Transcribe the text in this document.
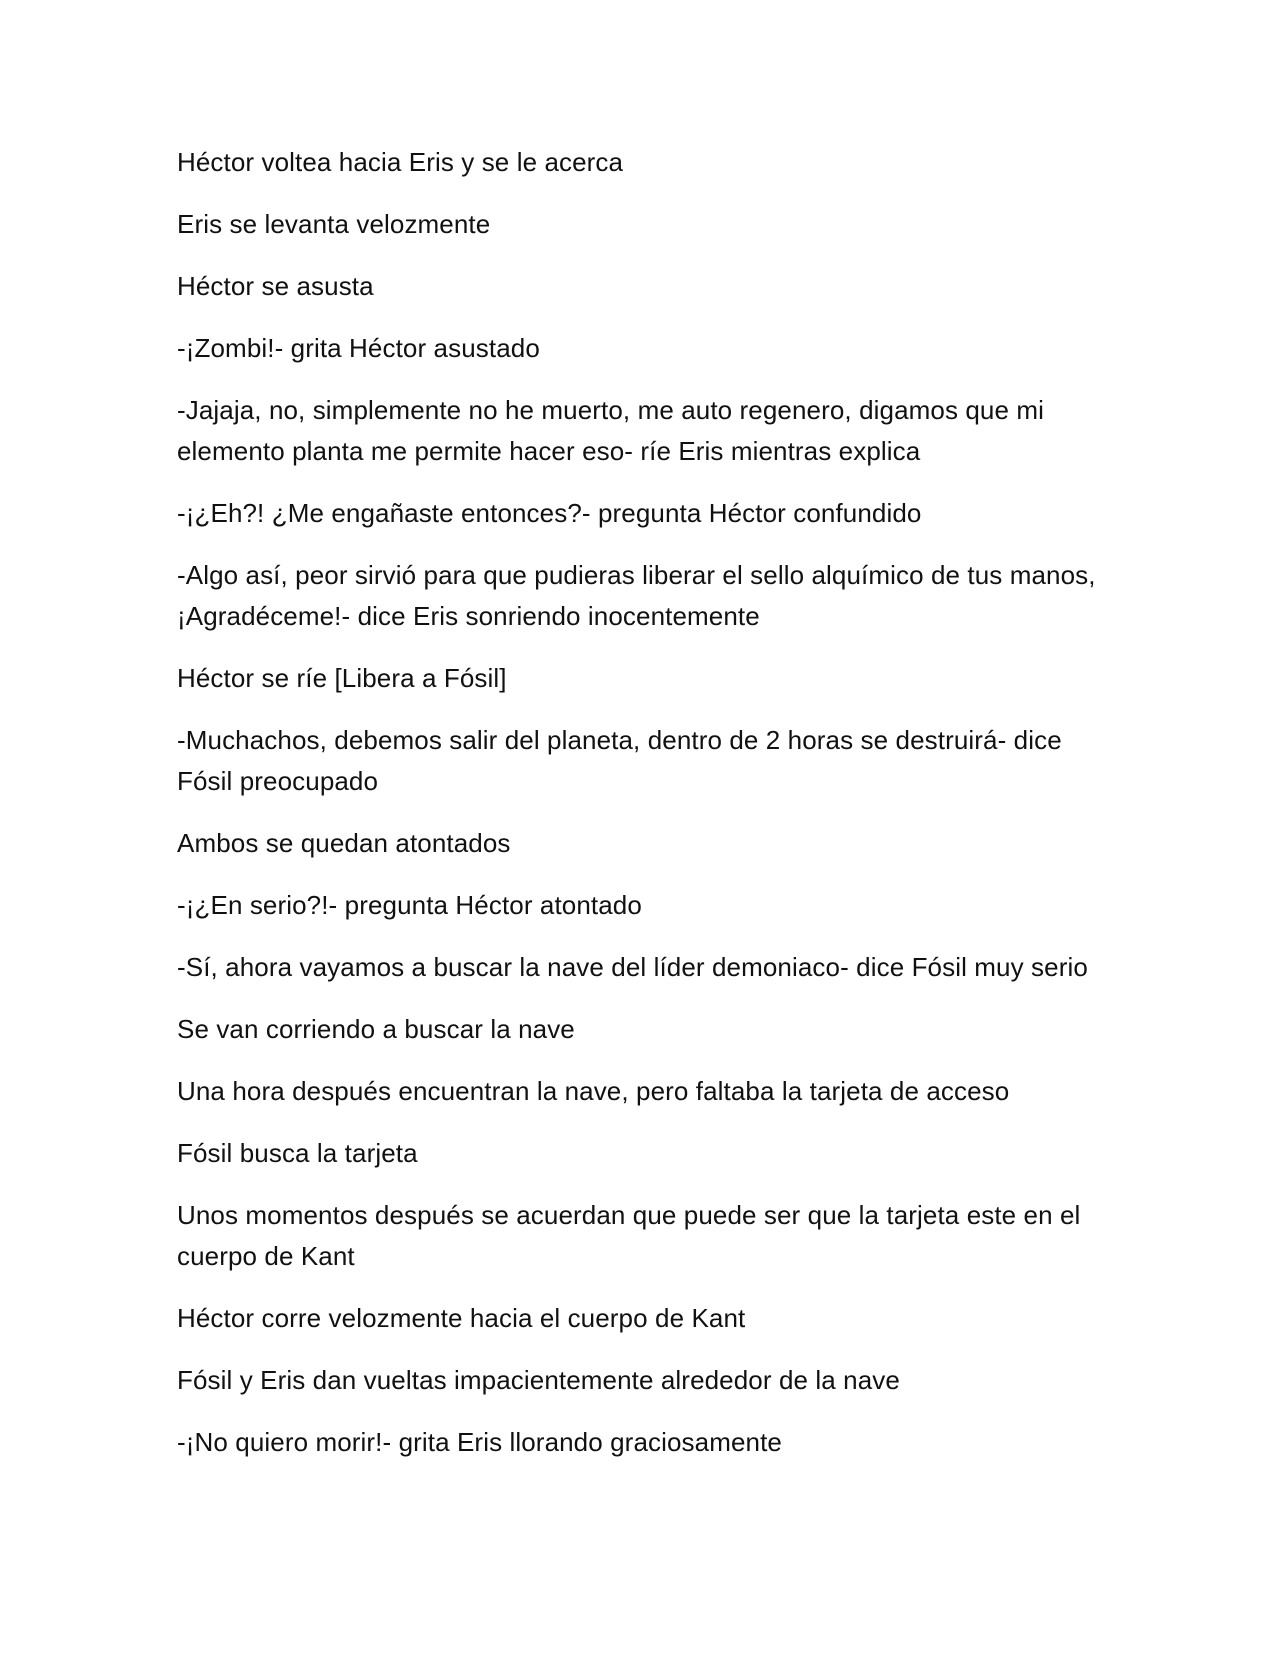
Héctor voltea hacia Eris y se le acerca

Eris se levanta velozmente

Héctor se asusta

-¡Zombi!- grita Héctor asustado

-Jajaja, no, simplemente no he muerto, me auto regenero, digamos que mi elemento planta me permite hacer eso- ríe Eris mientras explica

-¡¿Eh?! ¿Me engañaste entonces?- pregunta Héctor confundido

-Algo así, peor sirvió para que pudieras liberar el sello alquímico de tus manos, ¡Agradéceme!- dice Eris sonriendo inocentemente

Héctor se ríe [Libera a Fósil]

-Muchachos, debemos salir del planeta, dentro de 2 horas se destruirá- dice Fósil preocupado

Ambos se quedan atontados

-¡¿En serio?!- pregunta Héctor atontado

-Sí, ahora vayamos a buscar la nave del líder demoniaco- dice Fósil muy serio

Se van corriendo a buscar la nave

Una hora después encuentran la nave, pero faltaba la tarjeta de acceso

Fósil busca la tarjeta

Unos momentos después se acuerdan que puede ser que la tarjeta este en el cuerpo de Kant

Héctor corre velozmente hacia el cuerpo de Kant

Fósil y Eris dan vueltas impacientemente alrededor de la nave

-¡No quiero morir!- grita Eris llorando graciosamente
